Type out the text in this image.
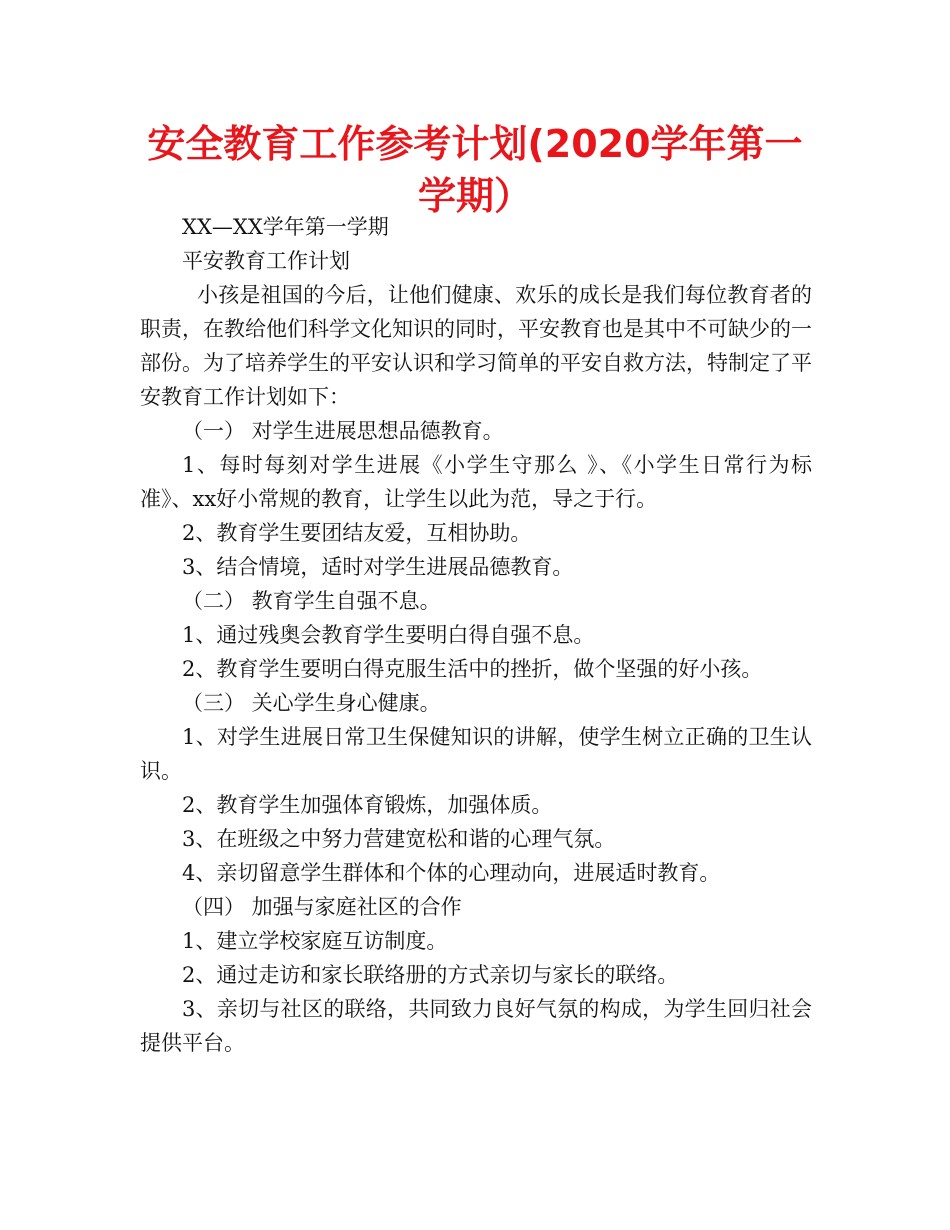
安全教育工作参考计划(2020学年第一学期）

XX—XX学年第一学期

平安教育工作计划

小孩是祖国的今后，让他们健康、欢乐的成长是我们每位教育者的职责，在教给他们科学文化知识的同时，平安教育也是其中不可缺少的一部份。为了培养学生的平安认识和学习简单的平安自救方法，特制定了平安教育工作计划如下：

（一） 对学生进展思想品德教育。

1、每时每刻对学生进展《小学生守那么 》、《小学生日常行为标准》、xx好小常规的教育，让学生以此为范，导之于行。

2、教育学生要团结友爱，互相协助。

3、结合情境，适时对学生进展品德教育。

（二） 教育学生自强不息。

1、通过残奥会教育学生要明白得自强不息。

2、教育学生要明白得克服生活中的挫折，做个坚强的好小孩。

（三） 关心学生身心健康。

1、对学生进展日常卫生保健知识的讲解，使学生树立正确的卫生认识。

2、教育学生加强体育锻炼，加强体质。

3、在班级之中努力营建宽松和谐的心理气氛。

4、亲切留意学生群体和个体的心理动向，进展适时教育。

（四） 加强与家庭社区的合作

1、建立学校家庭互访制度。

2、通过走访和家长联络册的方式亲切与家长的联络。

3、亲切与社区的联络，共同致力良好气氛的构成，为学生回归社会提供平台。
